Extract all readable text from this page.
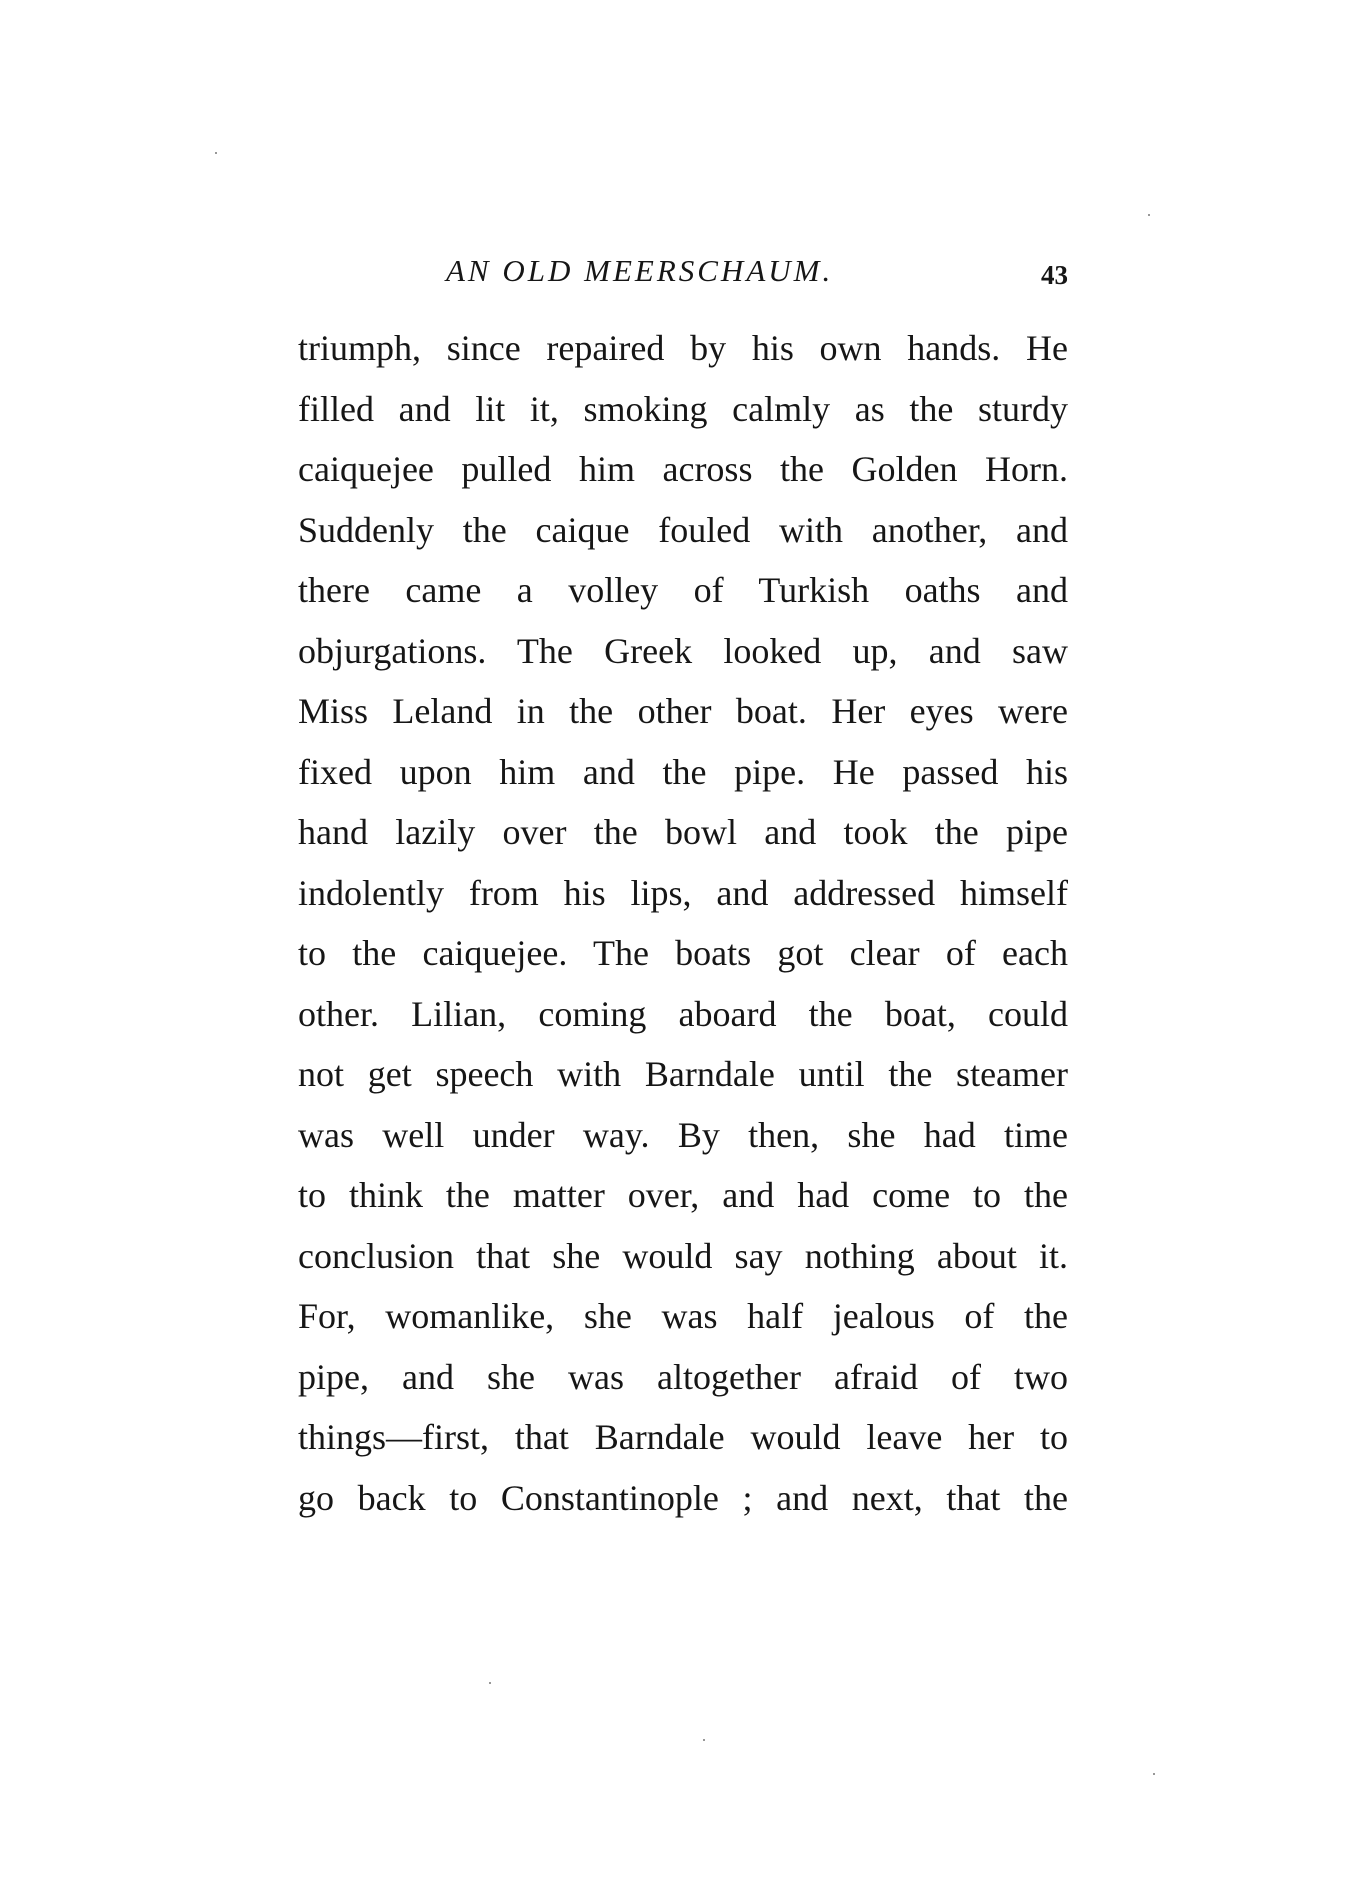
AN OLD MEERSCHAUM.	43
triumph, since repaired by his own hands. He
filled and lit it, smoking calmly as the sturdy
caiquejee pulled him across the Golden Horn.
Suddenly the caique fouled with another, and
there came a volley of Turkish oaths and
objurgations. The Greek looked up, and saw
Miss Leland in the other boat. Her eyes were
fixed upon him and the pipe. He passed his
hand lazily over the bowl and took the pipe
indolently from his lips, and addressed himself
to the caiquejee. The boats got clear of each
other. Lilian, coming aboard the boat, could
not get speech with Barndale until the steamer
was well under way. By then, she had time
to think the matter over, and had come to the
conclusion that she would say nothing about it.
For, womanlike, she was half jealous of the
pipe, and she was altogether afraid of two
things—first, that Barndale would leave her to
go back to Constantinople ; and next, that the
